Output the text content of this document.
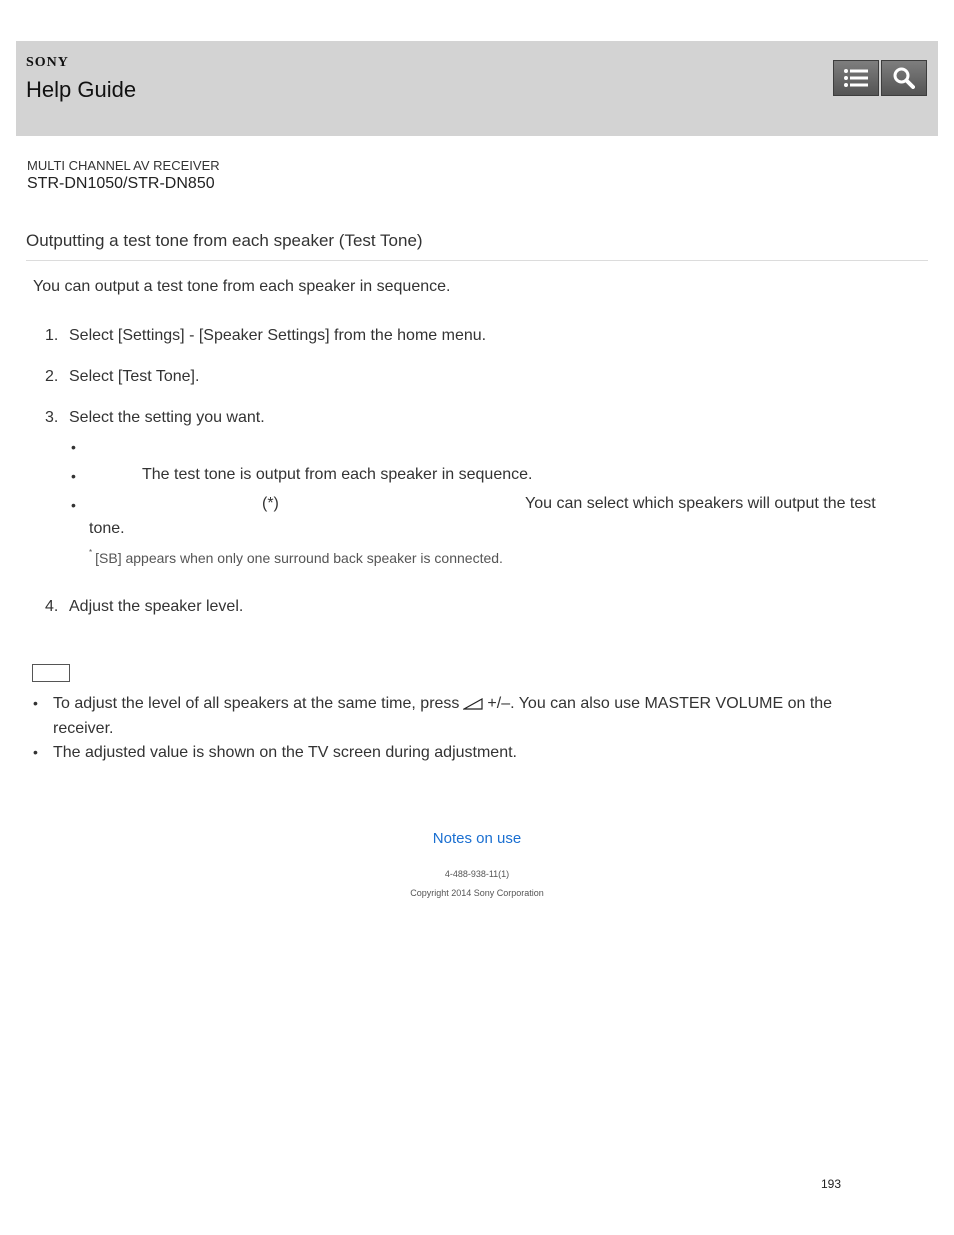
SONY
Help Guide
MULTI CHANNEL AV RECEIVER
STR-DN1050/STR-DN850
Outputting a test tone from each speaker (Test Tone)
You can output a test tone from each speaker in sequence.
1. Select [Settings] - [Speaker Settings] from the home menu.
2. Select [Test Tone].
3. Select the setting you want.
•
•	The test tone is output from each speaker in sequence.
•	(*)	You can select which speakers will output the test
tone.
* [SB] appears when only one surround back speaker is connected.
4. Adjust the speaker level.
• To adjust the level of all speakers at the same time, press +/–. You can also use MASTER VOLUME on the
receiver.
• The adjusted value is shown on the TV screen during adjustment.
Notes on use
4-488-938-11(1)
Copyright 2014 Sony Corporation
193
